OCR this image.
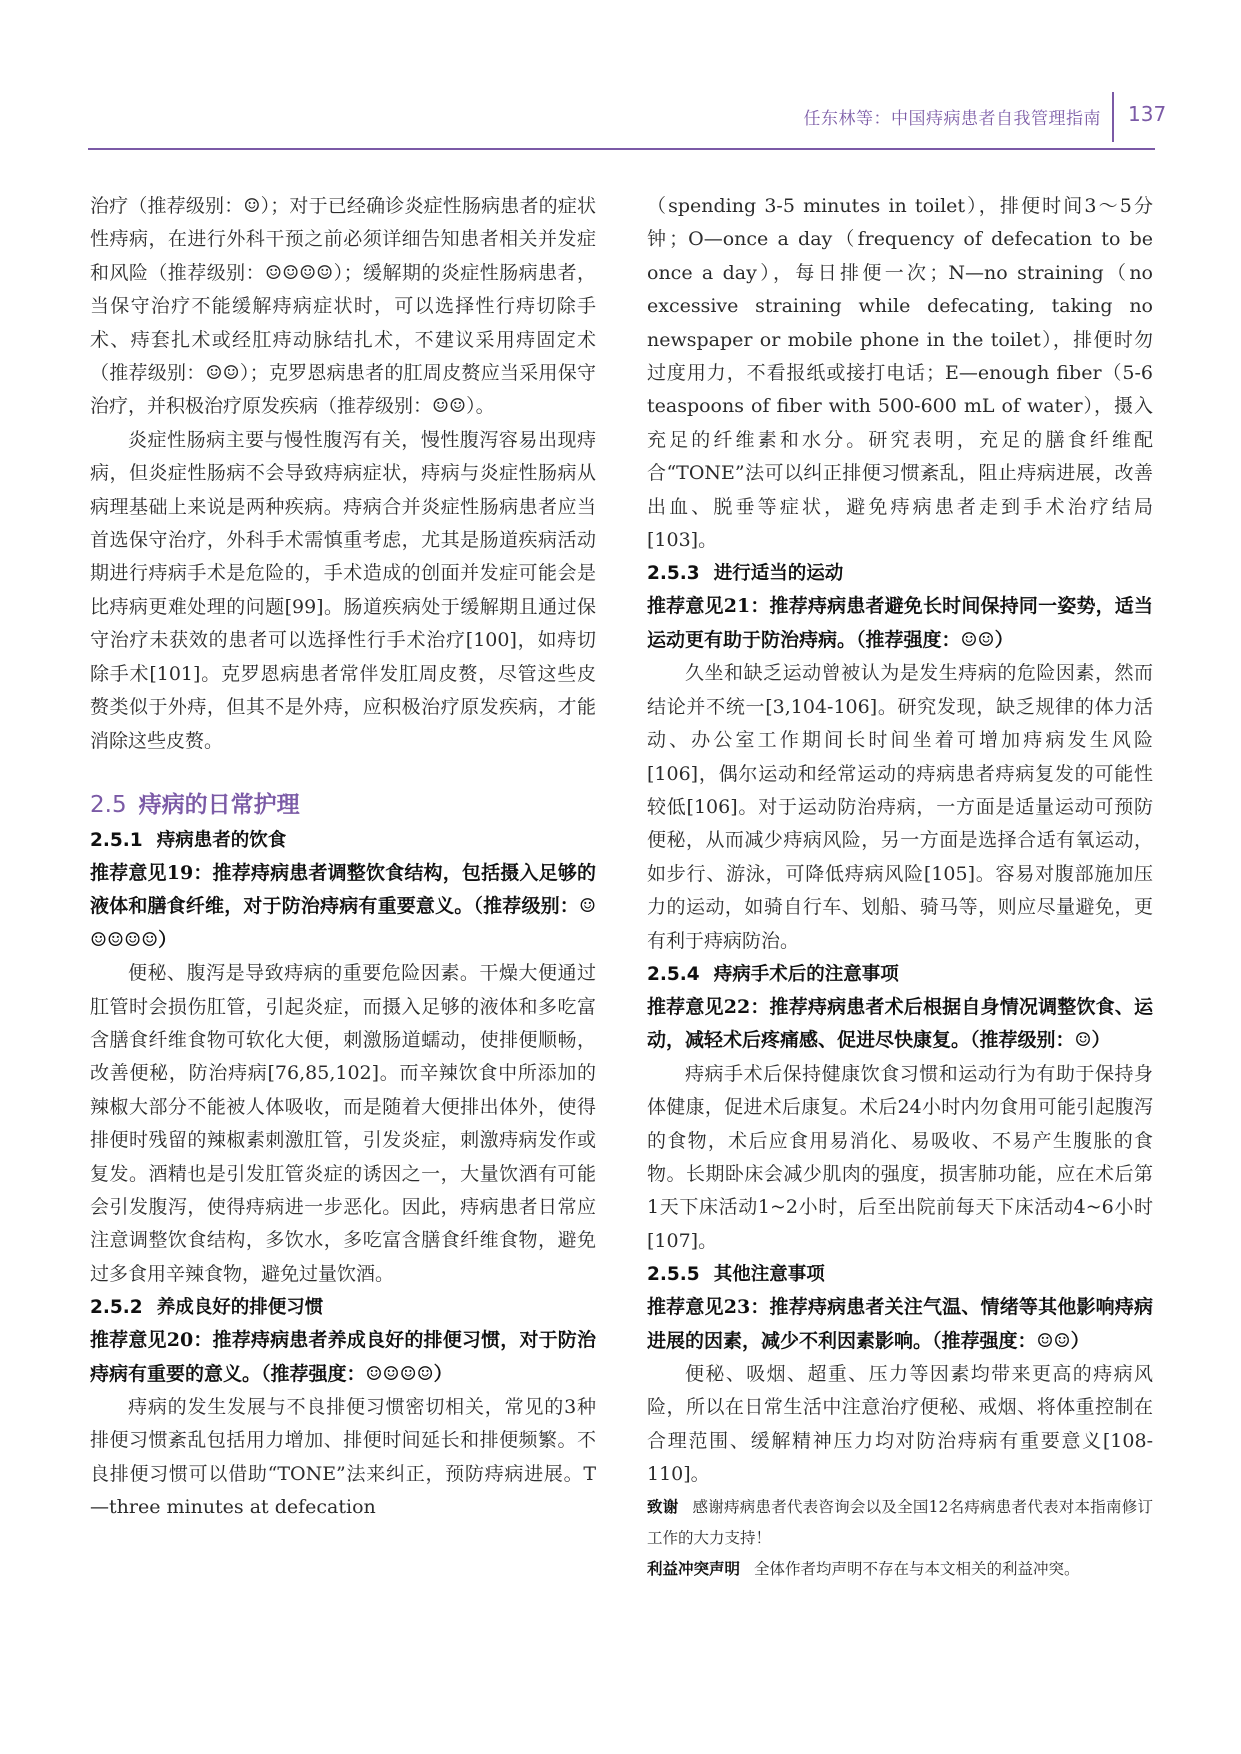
任东林等：中国痔病患者自我管理指南 137

治疗（推荐级别：☺）；对于已经确诊炎症性肠病患者的症状性痔病，在进行外科干预之前必须详细告知患者相关并发症和风险（推荐级别：☺☺☺☺）；缓解期的炎症性肠病患者，当保守治疗不能缓解痔病症状时，可以选择性行痔切除手术、痔套扎术或经肛痔动脉结扎术，不建议采用痔固定术（推荐级别：☺☺）；克罗恩病患者的肛周皮赘应当采用保守治疗，并积极治疗原发疾病（推荐级别：☺☺）。

炎症性肠病主要与慢性腹泻有关，慢性腹泻容易出现痔病，但炎症性肠病不会导致痔病症状，痔病与炎症性肠病从病理基础上来说是两种疾病。痔病合并炎症性肠病患者应当首选保守治疗，外科手术需慎重考虑，尤其是肠道疾病活动期进行痔病手术是危险的，手术造成的创面并发症可能会是比痔病更难处理的问题[99]。肠道疾病处于缓解期且通过保守治疗未获效的患者可以选择性行手术治疗[100]，如痔切除手术[101]。克罗恩病患者常伴发肛周皮赘，尽管这些皮赘类似于外痔，但其不是外痔，应积极治疗原发疾病，才能消除这些皮赘。

2.5 痔病的日常护理
2.5.1 痔病患者的饮食

推荐意见19：推荐痔病患者调整饮食结构，包括摄入足够的液体和膳食纤维，对于防治痔病有重要意义。（推荐级别：☺☺☺☺☺）

便秘、腹泻是导致痔病的重要危险因素。干燥大便通过肛管时会损伤肛管，引起炎症，而摄入足够的液体和多吃富含膳食纤维食物可软化大便，刺激肠道蠕动，使排便顺畅，改善便秘，防治痔病[76,85,102]。而辛辣饮食中所添加的辣椒大部分不能被人体吸收，而是随着大便排出体外，使得排便时残留的辣椒素刺激肛管，引发炎症，刺激痔病发作或复发。酒精也是引发肛管炎症的诱因之一，大量饮酒有可能会引发腹泻，使得痔病进一步恶化。因此，痔病患者日常应注意调整饮食结构，多饮水，多吃富含膳食纤维食物，避免过多食用辛辣食物，避免过量饮酒。

2.5.2 养成良好的排便习惯

推荐意见20：推荐痔病患者养成良好的排便习惯，对于防治痔病有重要的意义。（推荐强度：☺☺☺☺）

痔病的发生发展与不良排便习惯密切相关，常见的3种排便习惯紊乱包括用力增加、排便时间延长和排便频繁。不良排便习惯可以借助“TONE”法来纠正，预防痔病进展。T—three minutes at defecation

（spending 3-5 minutes in toilet），排便时间3～5分钟；O—once a day（frequency of defecation to be once a day），每日排便一次；N—no straining（no excessive straining while defecating, taking no newspaper or mobile phone in the toilet），排便时勿过度用力，不看报纸或接打电话；E—enough fiber（5-6 teaspoons of fiber with 500-600 mL of water），摄入充足的纤维素和水分。研究表明，充足的膳食纤维配合“TONE”法可以纠正排便习惯紊乱，阻止痔病进展，改善出血、脱垂等症状，避免痔病患者走到手术治疗结局[103]。

2.5.3 进行适当的运动

推荐意见21：推荐痔病患者避免长时间保持同一姿势，适当运动更有助于防治痔病。（推荐强度：☺☺）

久坐和缺乏运动曾被认为是发生痔病的危险因素，然而结论并不统一[3,104-106]。研究发现，缺乏规律的体力活动、办公室工作期间长时间坐着可增加痔病发生风险[106]，偶尔运动和经常运动的痔病患者痔病复发的可能性较低[106]。对于运动防治痔病，一方面是适量运动可预防便秘，从而减少痔病风险，另一方面是选择合适有氧运动，如步行、游泳，可降低痔病风险[105]。容易对腹部施加压力的运动，如骑自行车、划船、骑马等，则应尽量避免，更有利于痔病防治。

2.5.4 痔病手术后的注意事项

推荐意见22：推荐痔病患者术后根据自身情况调整饮食、运动，减轻术后疼痛感、促进尽快康复。（推荐级别：☺）

痔病手术后保持健康饮食习惯和运动行为有助于保持身体健康，促进术后康复。术后24小时内勿食用可能引起腹泻的食物，术后应食用易消化、易吸收、不易产生腹胀的食物。长期卧床会减少肌肉的强度，损害肺功能，应在术后第1天下床活动1~2小时，后至出院前每天下床活动4~6小时[107]。

2.5.5 其他注意事项

推荐意见23：推荐痔病患者关注气温、情绪等其他影响痔病进展的因素，减少不利因素影响。（推荐强度：☺☺）

便秘、吸烟、超重、压力等因素均带来更高的痔病风险，所以在日常生活中注意治疗便秘、戒烟、将体重控制在合理范围、缓解精神压力均对防治痔病有重要意义[108-110]。

致谢 感谢痔病患者代表咨询会以及全国12名痔病患者代表对本指南修订工作的大力支持！

利益冲突声明 全体作者均声明不存在与本文相关的利益冲突。
